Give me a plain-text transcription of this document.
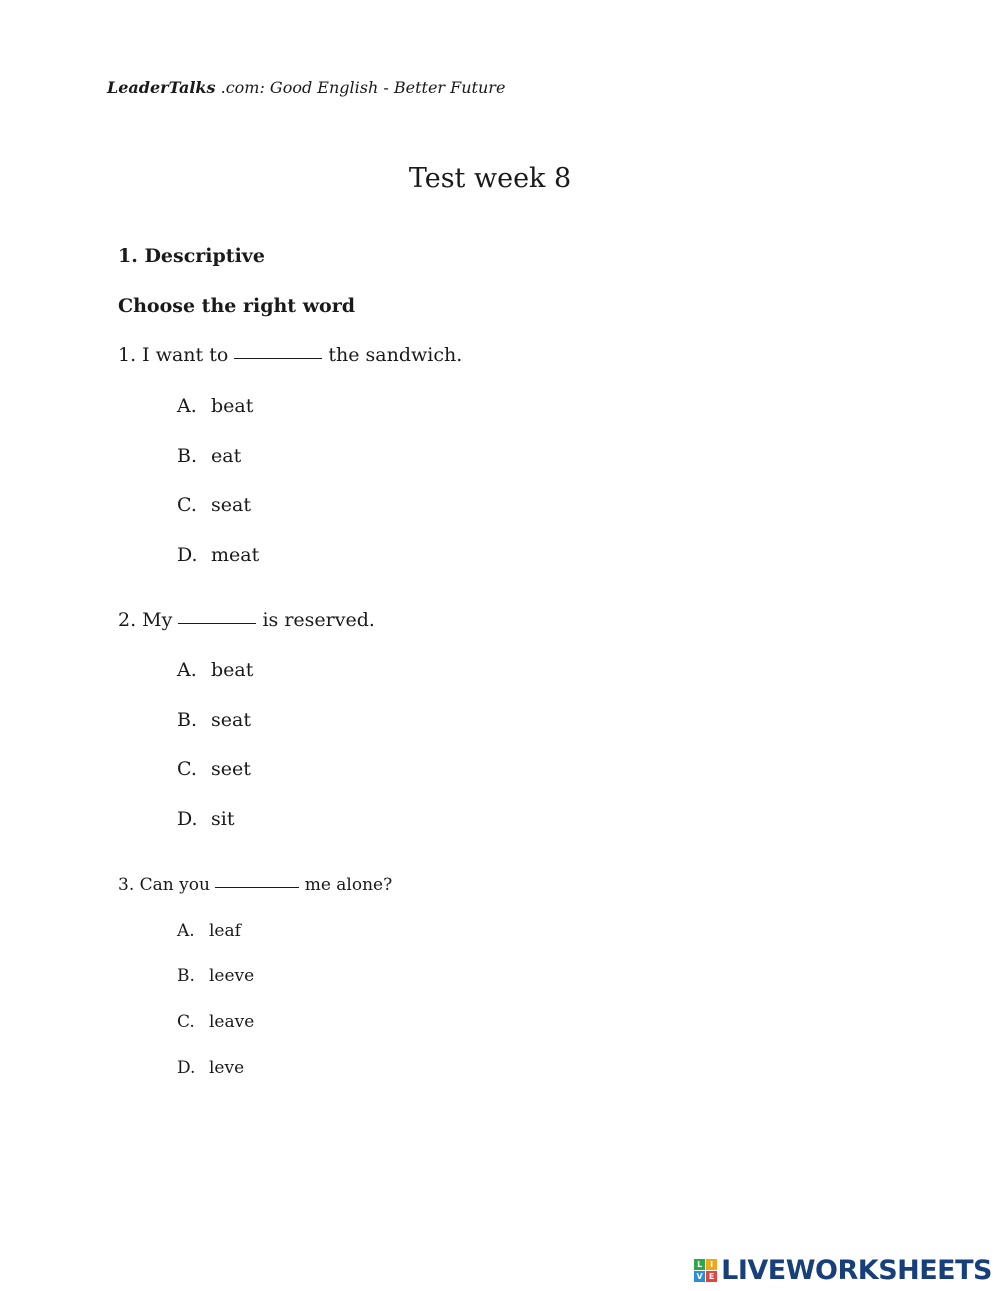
LeaderTalks .com: Good English - Better Future
Test week 8
1. Descriptive
Choose the right word
1. I want to	the sandwich.
A. beat
B. eat
C. seat
D. meat
2. My	is reserved.
A. beat
B. seat
C. seet
D. sit
3. Can you	me alone?
A. leaf
B. leeve
C. leave
D. leve
L I
V E LIVEWORKSHEETS
